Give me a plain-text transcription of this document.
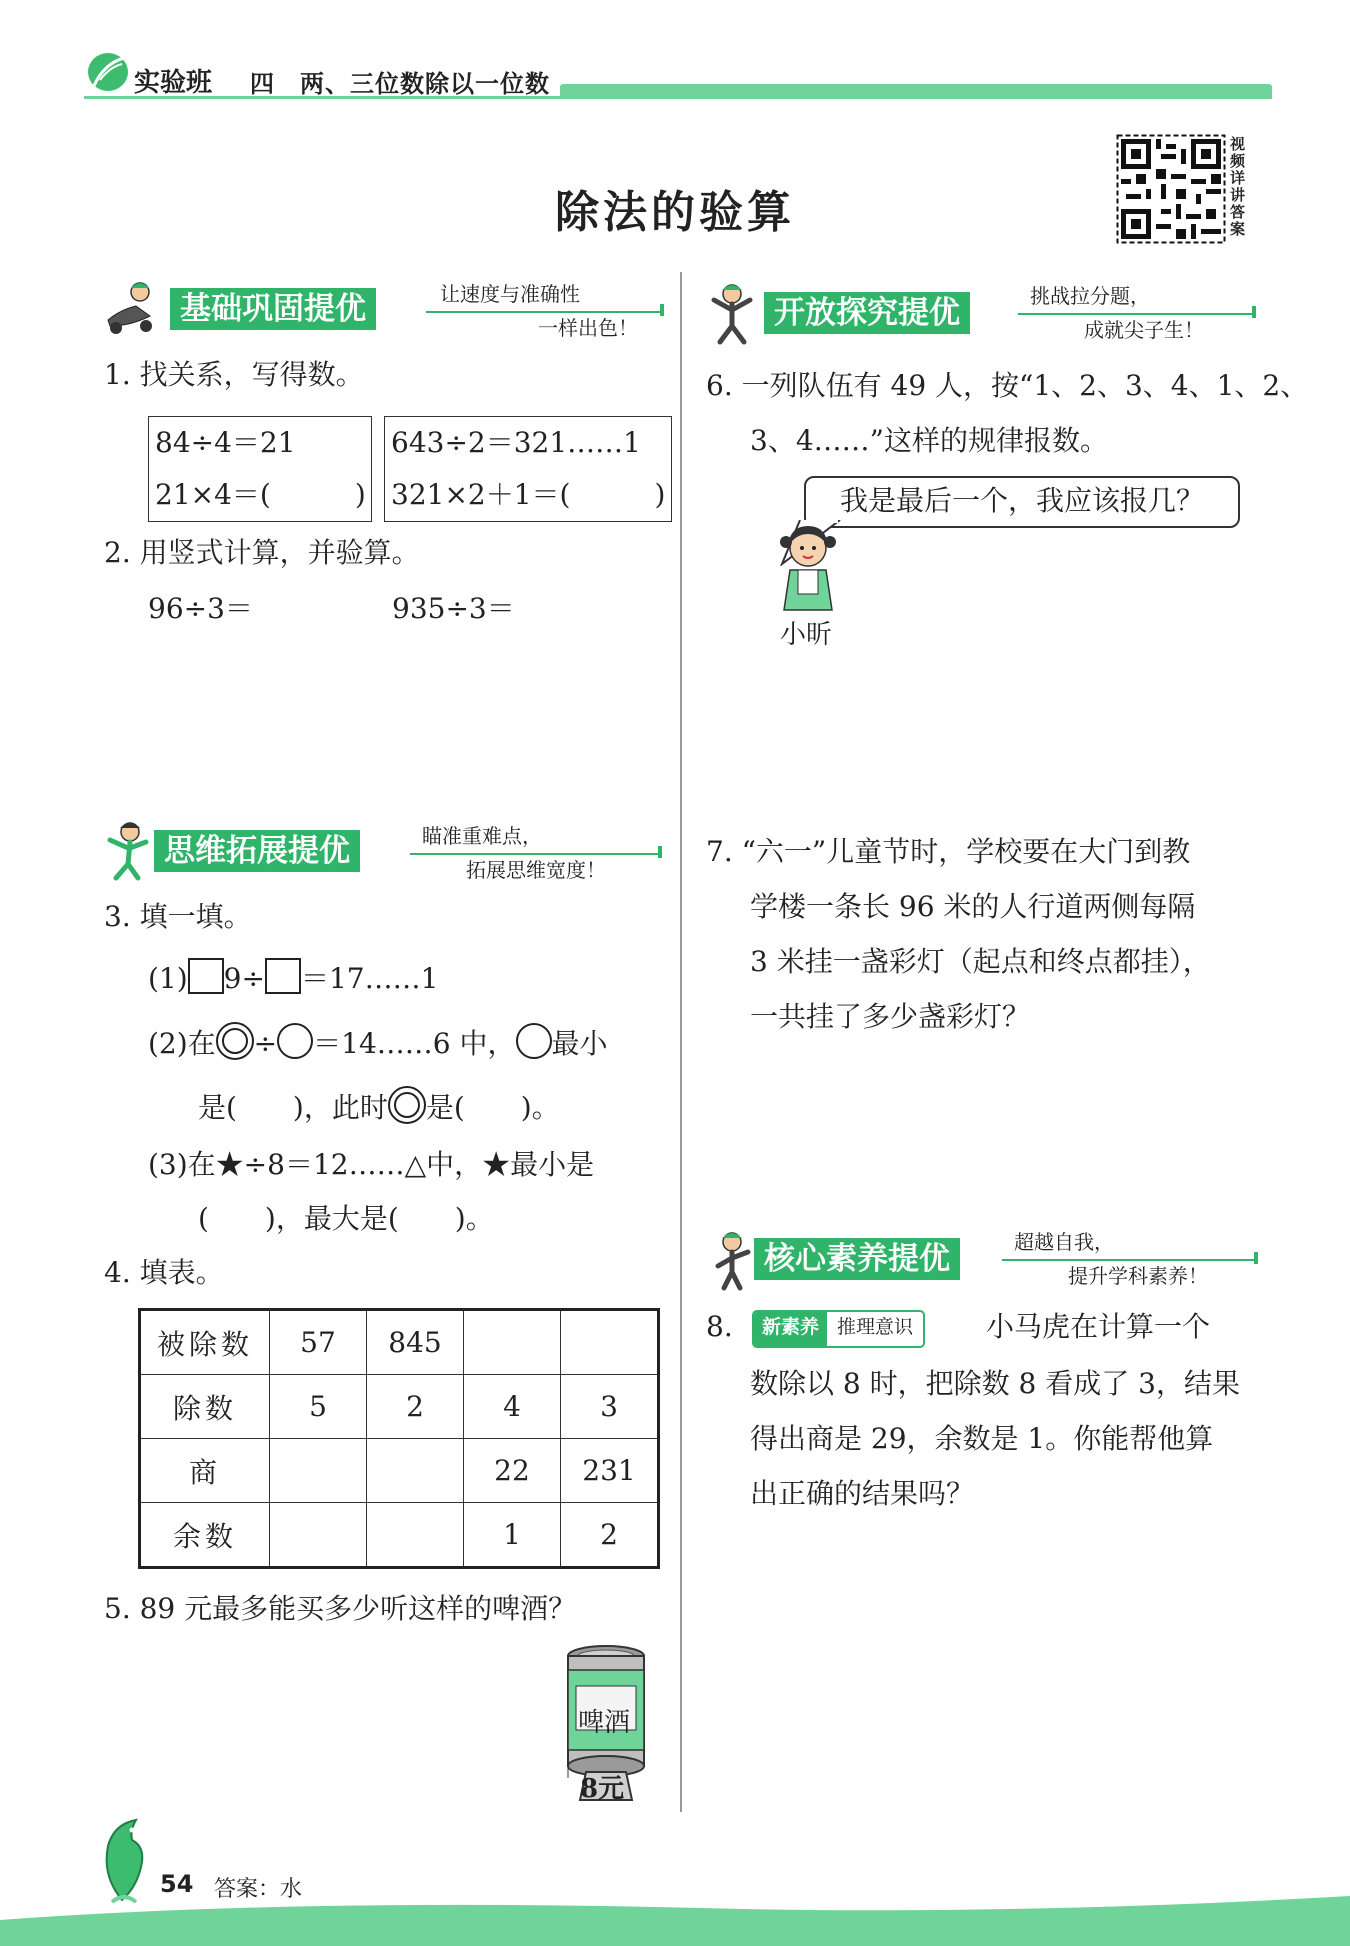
实验班 四　两、三位数除以一位数
除法的验算
视频详讲答案
基础巩固提优	让速度与准确性
一样出色！
1. 找关系，写得数。
84÷4＝21
21×4＝(　　　)
643÷2＝321……1
321×2＋1＝(　　　)
2. 用竖式计算，并验算。
96÷3＝	935÷3＝
思维拓展提优	瞄准重难点，
拓展思维宽度！
3. 填一填。
(1) 9÷ ＝17……1
(2)在 ÷ ＝14……6 中， 最小
是(　　)，此时 是(　　)。
(3)在★÷8＝12……△中，★最小是
(　　)，最大是(　　)。
4. 填表。
被除数	57	845		
除数	5	2	4	3
商			22	231
余数			1	2
5. 89 元最多能买多少听这样的啤酒？
啤酒
8元
开放探究提优	挑战拉分题，
成就尖子生！
6. 一列队伍有 49 人，按“1、2、3、4、1、2、
3、4……”这样的规律报数。
我是最后一个，我应该报几？
小昕
7. “六一”儿童节时，学校要在大门到教
学楼一条长 96 米的人行道两侧每隔
3 米挂一盏彩灯（起点和终点都挂），
一共挂了多少盏彩灯？
核心素养提优	超越自我，
提升学科素养！
8.	新素养 推理意识	小马虎在计算一个
数除以 8 时，把除数 8 看成了 3，结果
得出商是 29，余数是 1。你能帮他算
出正确的结果吗？
54 答案：水
